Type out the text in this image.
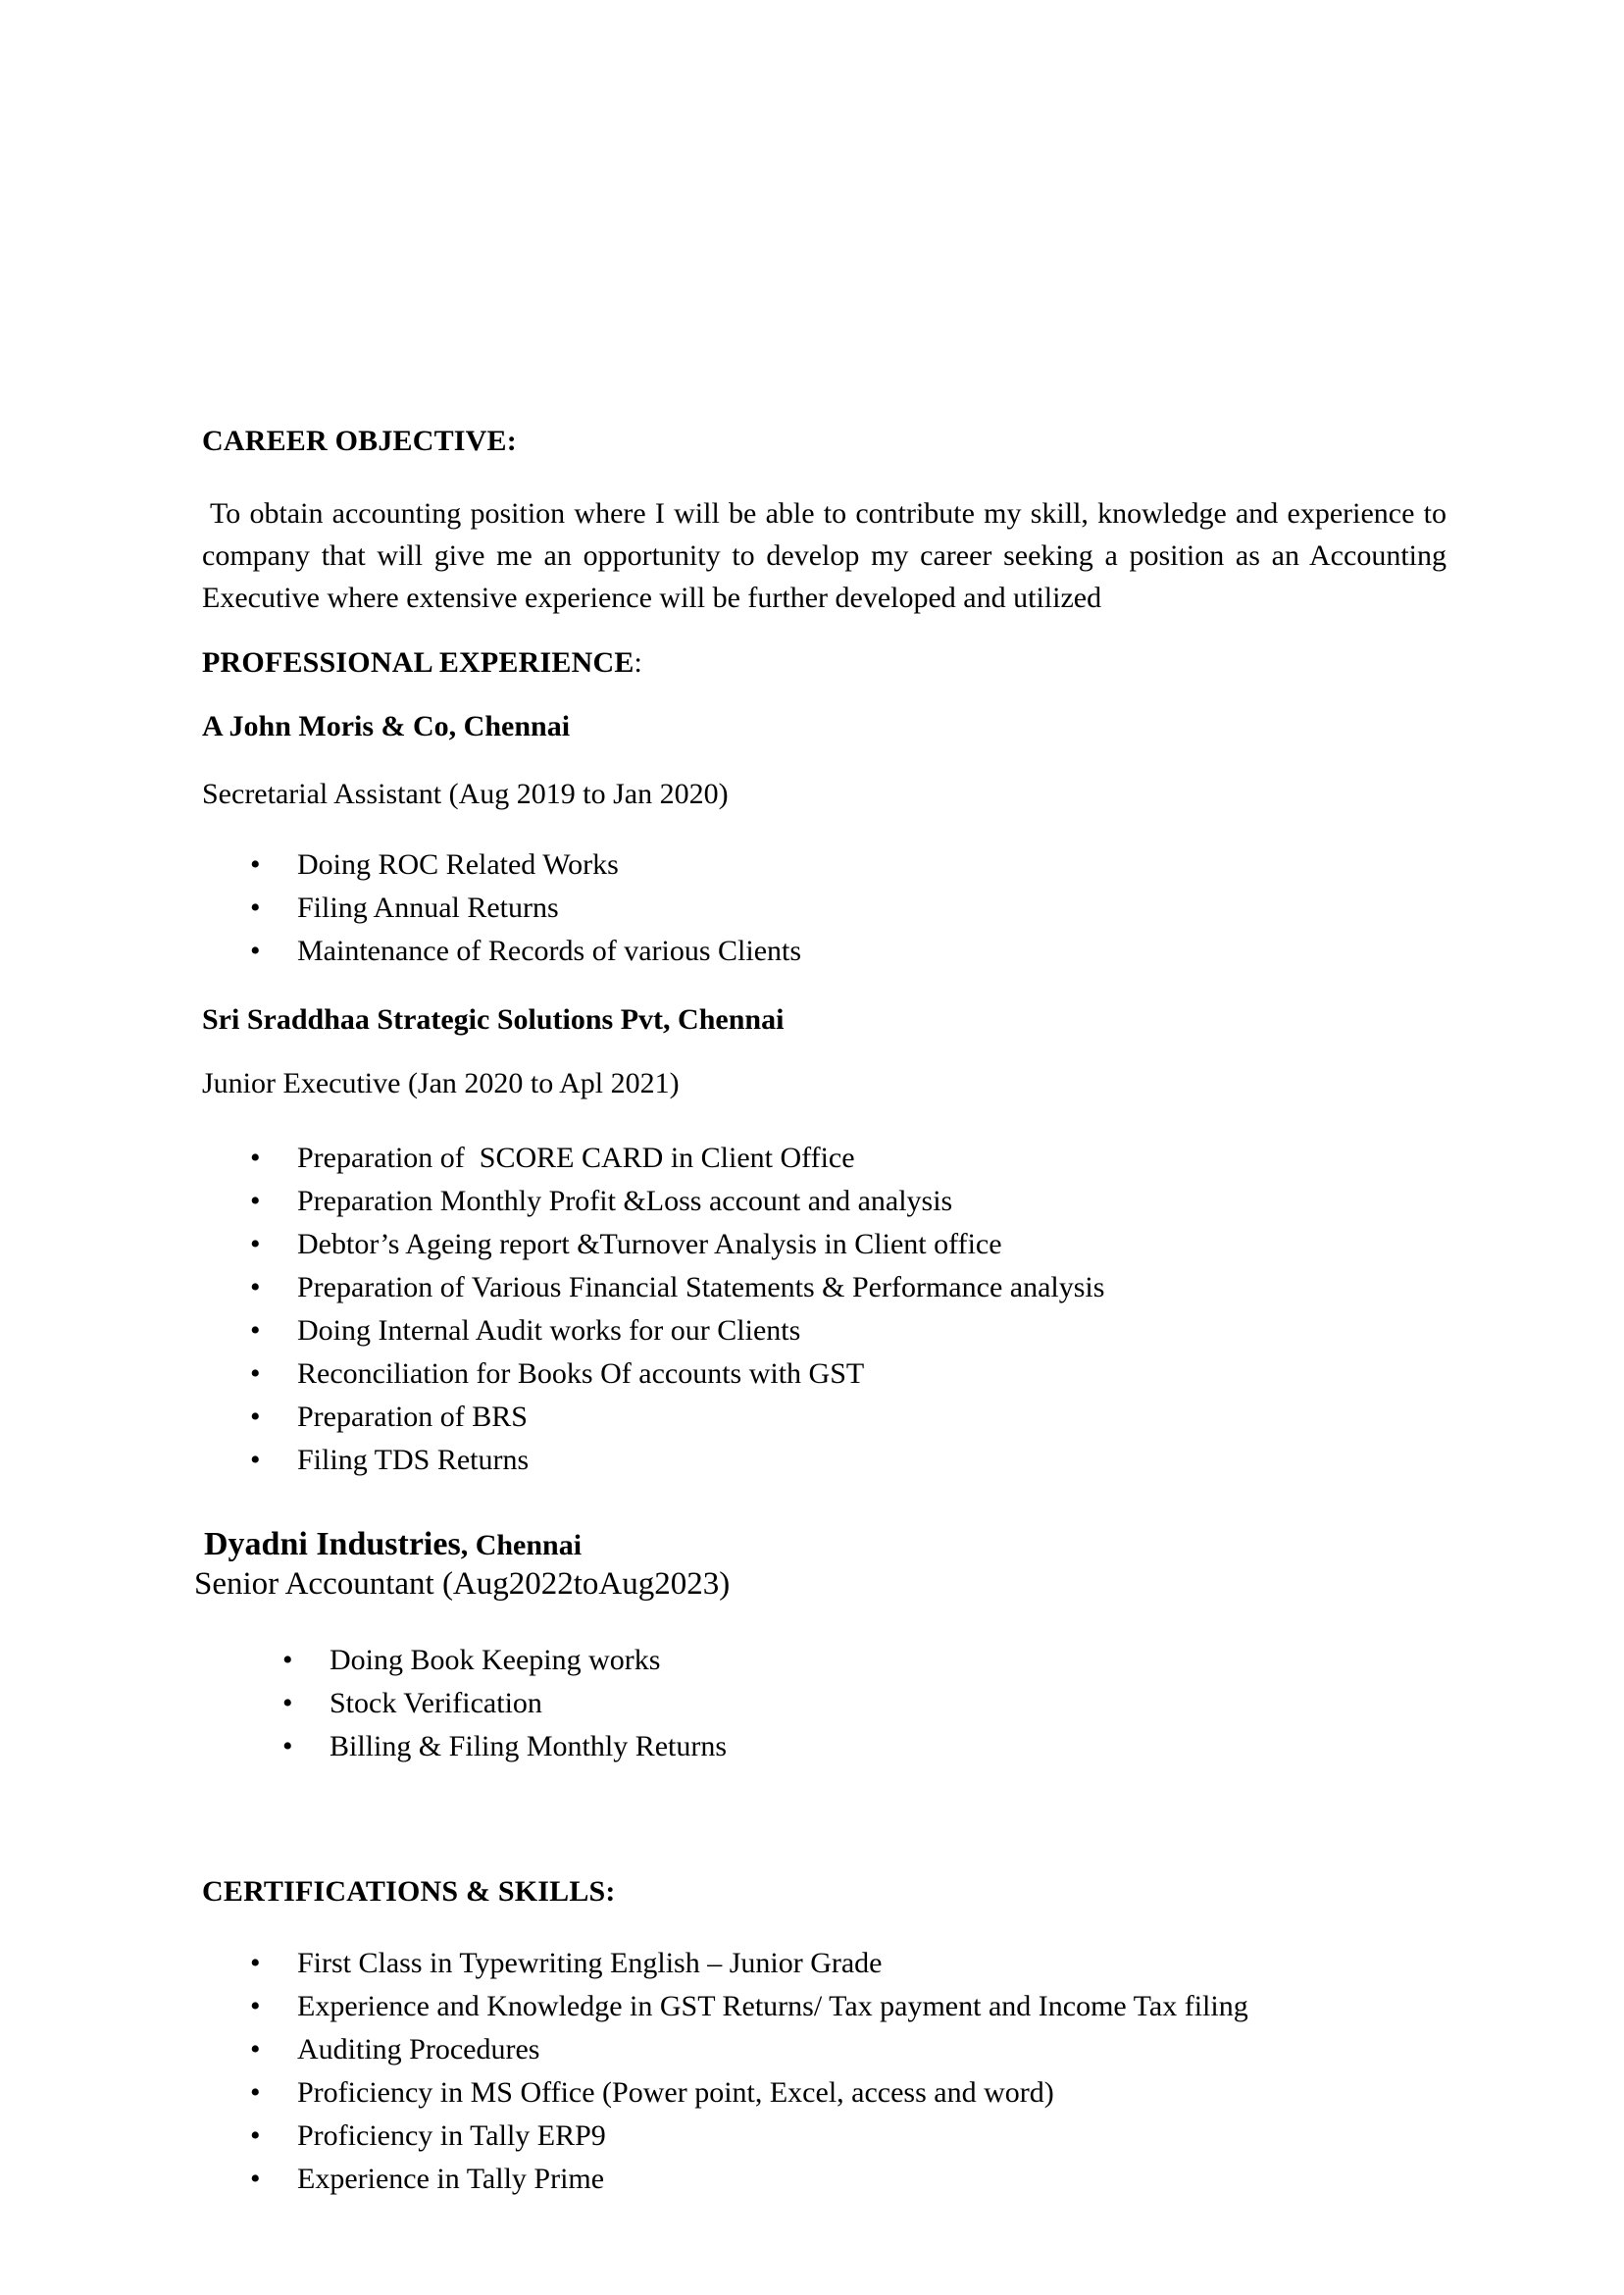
CAREER OBJECTIVE:

To obtain accounting position where I will be able to contribute my skill, knowledge and experience to company that will give me an opportunity to develop my career seeking a position as an Accounting Executive where extensive experience will be further developed and utilized

PROFESSIONAL EXPERIENCE:
A John Moris & Co, Chennai
Secretarial Assistant (Aug 2019 to Jan 2020)
•
Doing ROC Related Works
•
Filing Annual Returns
•
Maintenance of Records of various Clients
Sri Sraddhaa Strategic Solutions Pvt, Chennai
Junior Executive (Jan 2020 to Apl 2021)
•
Preparation of  SCORE CARD in Client Office
•
Preparation Monthly Profit &Loss account and analysis
•
Debtor’s Ageing report &Turnover Analysis in Client office
•
Preparation of Various Financial Statements & Performance analysis
•
Doing Internal Audit works for our Clients
•
Reconciliation for Books Of accounts with GST
•
Preparation of BRS
•
Filing TDS Returns
Dyadni Industries, Chennai
Senior Accountant (Aug2022toAug2023)
•
Doing Book Keeping works
•
Stock Verification
•
Billing & Filing Monthly Returns
CERTIFICATIONS & SKILLS:
•
First Class in Typewriting English – Junior Grade
•
Experience and Knowledge in GST Returns/ Tax payment and Income Tax filing
•
Auditing Procedures
•
Proficiency in MS Office (Power point, Excel, access and word)
•
Proficiency in Tally ERP9
•
Experience in Tally Prime
